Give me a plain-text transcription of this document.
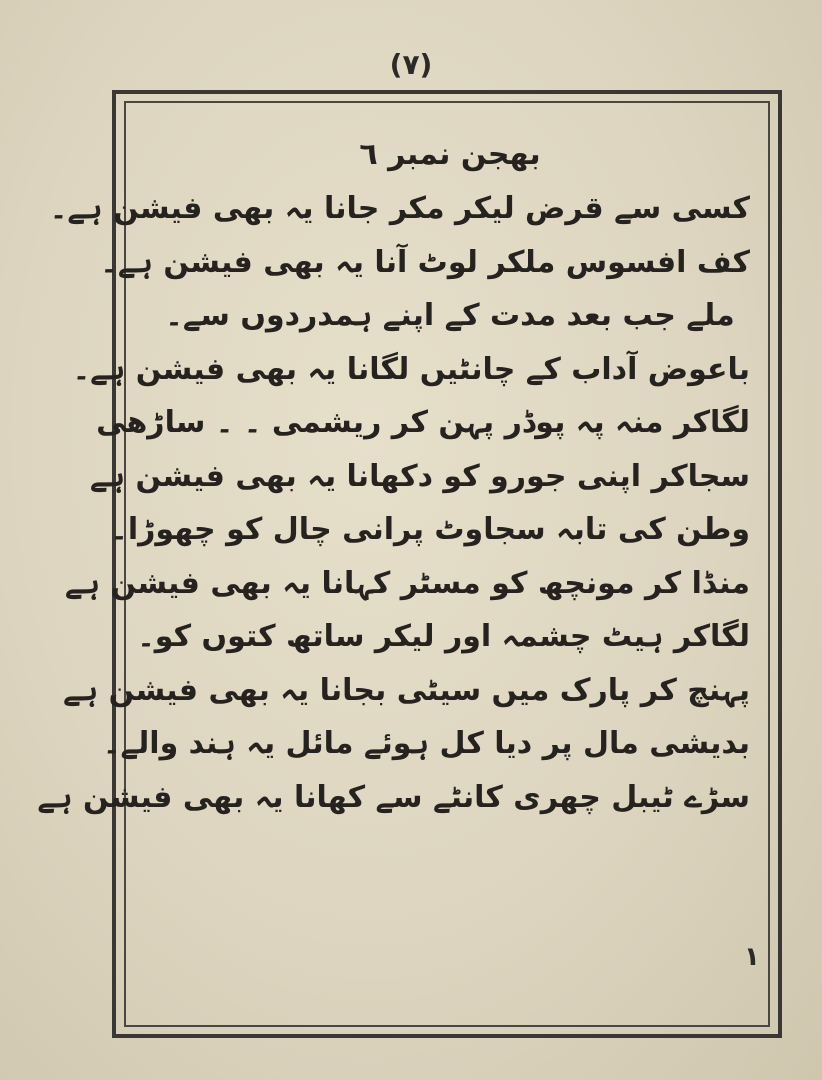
(۷)

بھجن نمبر ٦

کسی سے قرض لیکر مکر جانا یہ بھی فیشن ہے۔

کف افسوس ملکر لوٹ آنا یہ بھی فیشن ہے۔

ملے جب بعد مدت کے اپنے ہمدردوں سے۔

باعوض آداب کے چانٹیں لگانا یہ بھی فیشن ہے۔

لگاکر منہ پہ پوڈر پہن کر ریشمی ۔ ۔ ساڑھی

سجاکر اپنی جورو کو دکھانا یہ بھی فیشن ہے

وطن کی تابہ سجاوٹ پرانی چال کو چھوڑا۔

منڈا کر مونچھ کو مسٹر کہانا یہ بھی فیشن ہے

لگاکر ہیٹ چشمہ اور لیکر ساتھ کتوں کو۔

پہنچ کر پارک میں سیٹی بجانا یہ بھی فیشن ہے

بدیشی مال پر دیا کل ہوئے مائل یہ ہند والے۔

سڑے ٹیبل چھری کانٹے سے کھانا یہ بھی فیشن ہے

۱
